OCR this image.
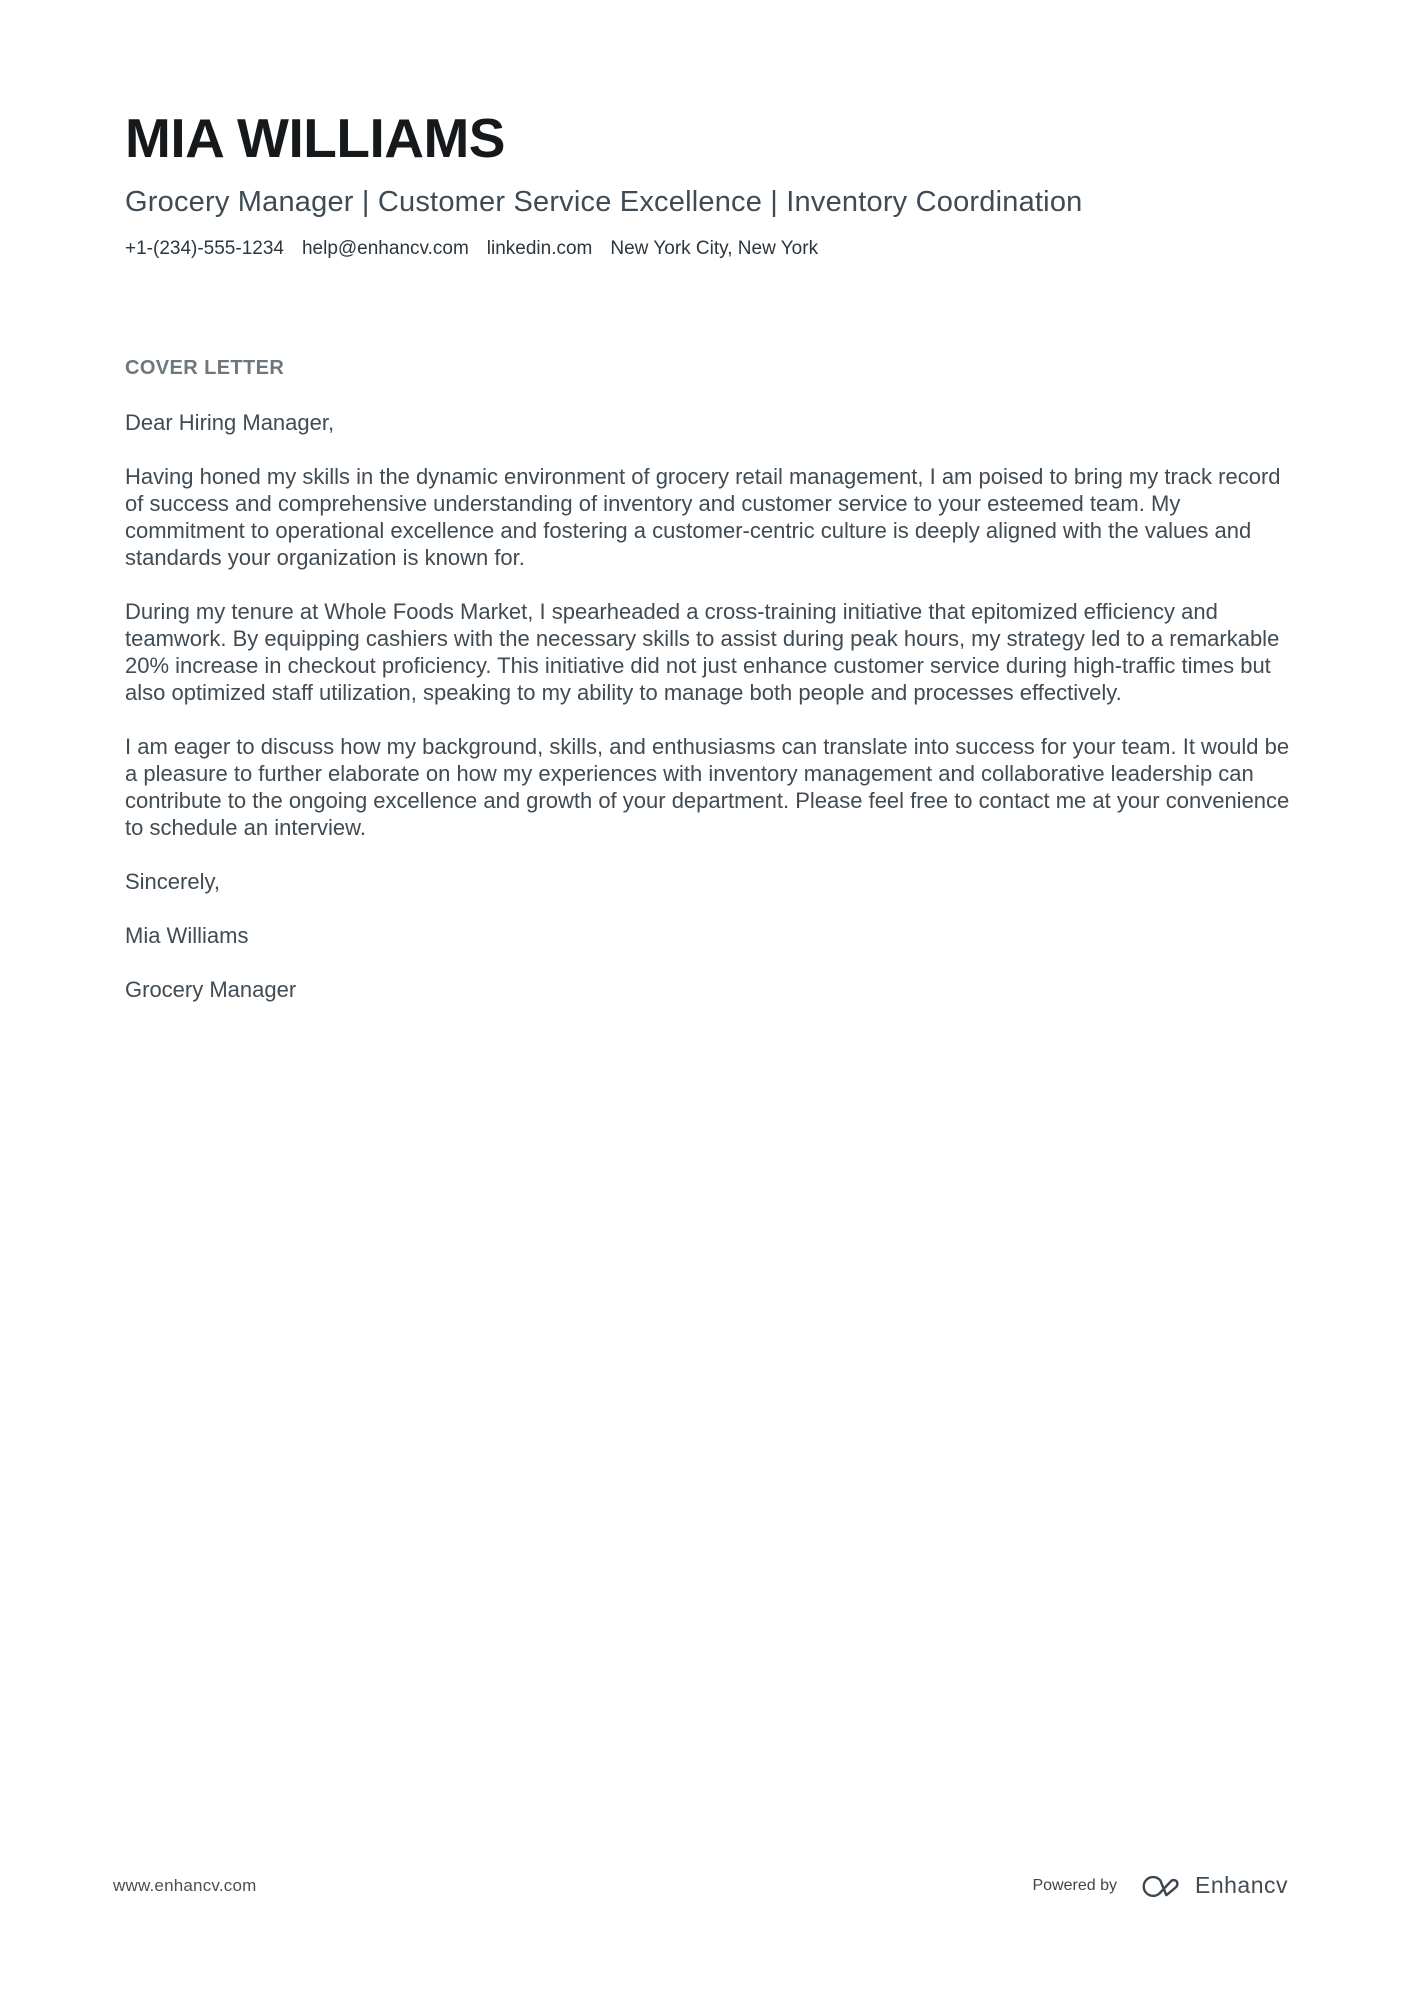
MIA WILLIAMS
Grocery Manager | Customer Service Excellence | Inventory Coordination
+1-(234)-555-1234 help@enhancv.com linkedin.com New York City, New York
COVER LETTER

Dear Hiring Manager,

Having honed my skills in the dynamic environment of grocery retail management, I am poised to bring my track record of success and comprehensive understanding of inventory and customer service to your esteemed team. My commitment to operational excellence and fostering a customer-centric culture is deeply aligned with the values and standards your organization is known for.

During my tenure at Whole Foods Market, I spearheaded a cross-training initiative that epitomized efficiency and teamwork. By equipping cashiers with the necessary skills to assist during peak hours, my strategy led to a remarkable 20% increase in checkout proficiency. This initiative did not just enhance customer service during high-traffic times but also optimized staff utilization, speaking to my ability to manage both people and processes effectively.

I am eager to discuss how my background, skills, and enthusiasms can translate into success for your team. It would be a pleasure to further elaborate on how my experiences with inventory management and collaborative leadership can contribute to the ongoing excellence and growth of your department. Please feel free to contact me at your convenience to schedule an interview.

Sincerely,

Mia Williams

Grocery Manager

www.enhancv.com	Powered by	Enhancv
